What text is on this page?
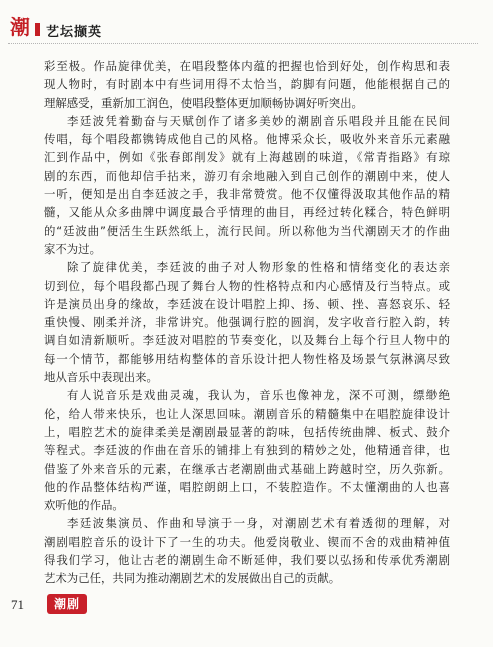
潮 艺坛撷英
彩至极。作品旋律优美，在唱段整体内蕴的把握也恰到好处，创作构思和表
现人物时，有时剧本中有些词用得不太恰当，韵脚有问题，他能根据自己的
理解感受，重新加工润色，使唱段整体更加顺畅协调好听突出。
李廷波凭着勤奋与天赋创作了诸多美妙的潮剧音乐唱段并且能在民间
传唱，每个唱段都镌铸成他自己的风格。他博采众长，吸收外来音乐元素融
汇到作品中，例如《张春郎削发》就有上海越剧的味道，《常青指路》有琼
剧的东西，而他却信手拈来，游刃有余地融入到自己创作的潮剧中来，使人
一听，便知是出自李廷波之手，我非常赞赏。他不仅懂得汲取其他作品的精
髓，又能从众多曲牌中调度最合乎情理的曲目，再经过转化糅合，特色鲜明
的“廷波曲”便活生生跃然纸上，流行民间。所以称他为当代潮剧天才的作曲
家不为过。
除了旋律优美，李廷波的曲子对人物形象的性格和情绪变化的表达亲
切到位，每个唱段都凸现了舞台人物的性格特点和内心感情及行当特点。或
许是演员出身的缘故，李廷波在设计唱腔上抑、扬、顿、挫、喜怒哀乐、轻
重快慢、刚柔并济，非常讲究。他强调行腔的圆润，发字收音行腔入韵，转
调自如清新顺听。李廷波对唱腔的节奏变化，以及舞台上每个行旦人物中的
每一个情节，都能够用结构整体的音乐设计把人物性格及场景气氛淋漓尽致
地从音乐中表现出来。
有人说音乐是戏曲灵魂，我认为，音乐也像神龙，深不可测，缥缈绝
伦，给人带来快乐，也让人深思回味。潮剧音乐的精髓集中在唱腔旋律设计
上，唱腔艺术的旋律柔美是潮剧最显著的韵味，包括传统曲牌、板式、鼓介
等程式。李廷波的作曲在音乐的铺排上有独到的精妙之处，他精通音律，也
借鉴了外来音乐的元素，在继承古老潮剧曲式基础上跨越时空，历久弥新。
他的作品整体结构严谨，唱腔朗朗上口，不装腔造作。不太懂潮曲的人也喜
欢听他的作品。
李廷波集演员、作曲和导演于一身，对潮剧艺术有着透彻的理解，对
潮剧唱腔音乐的设计下了一生的功夫。他爱岗敬业、锲而不舍的戏曲精神值
得我们学习，他让古老的潮剧生命不断延伸，我们要以弘扬和传承优秀潮剧
艺术为己任，共同为推动潮剧艺术的发展做出自己的贡献。
71	潮剧
